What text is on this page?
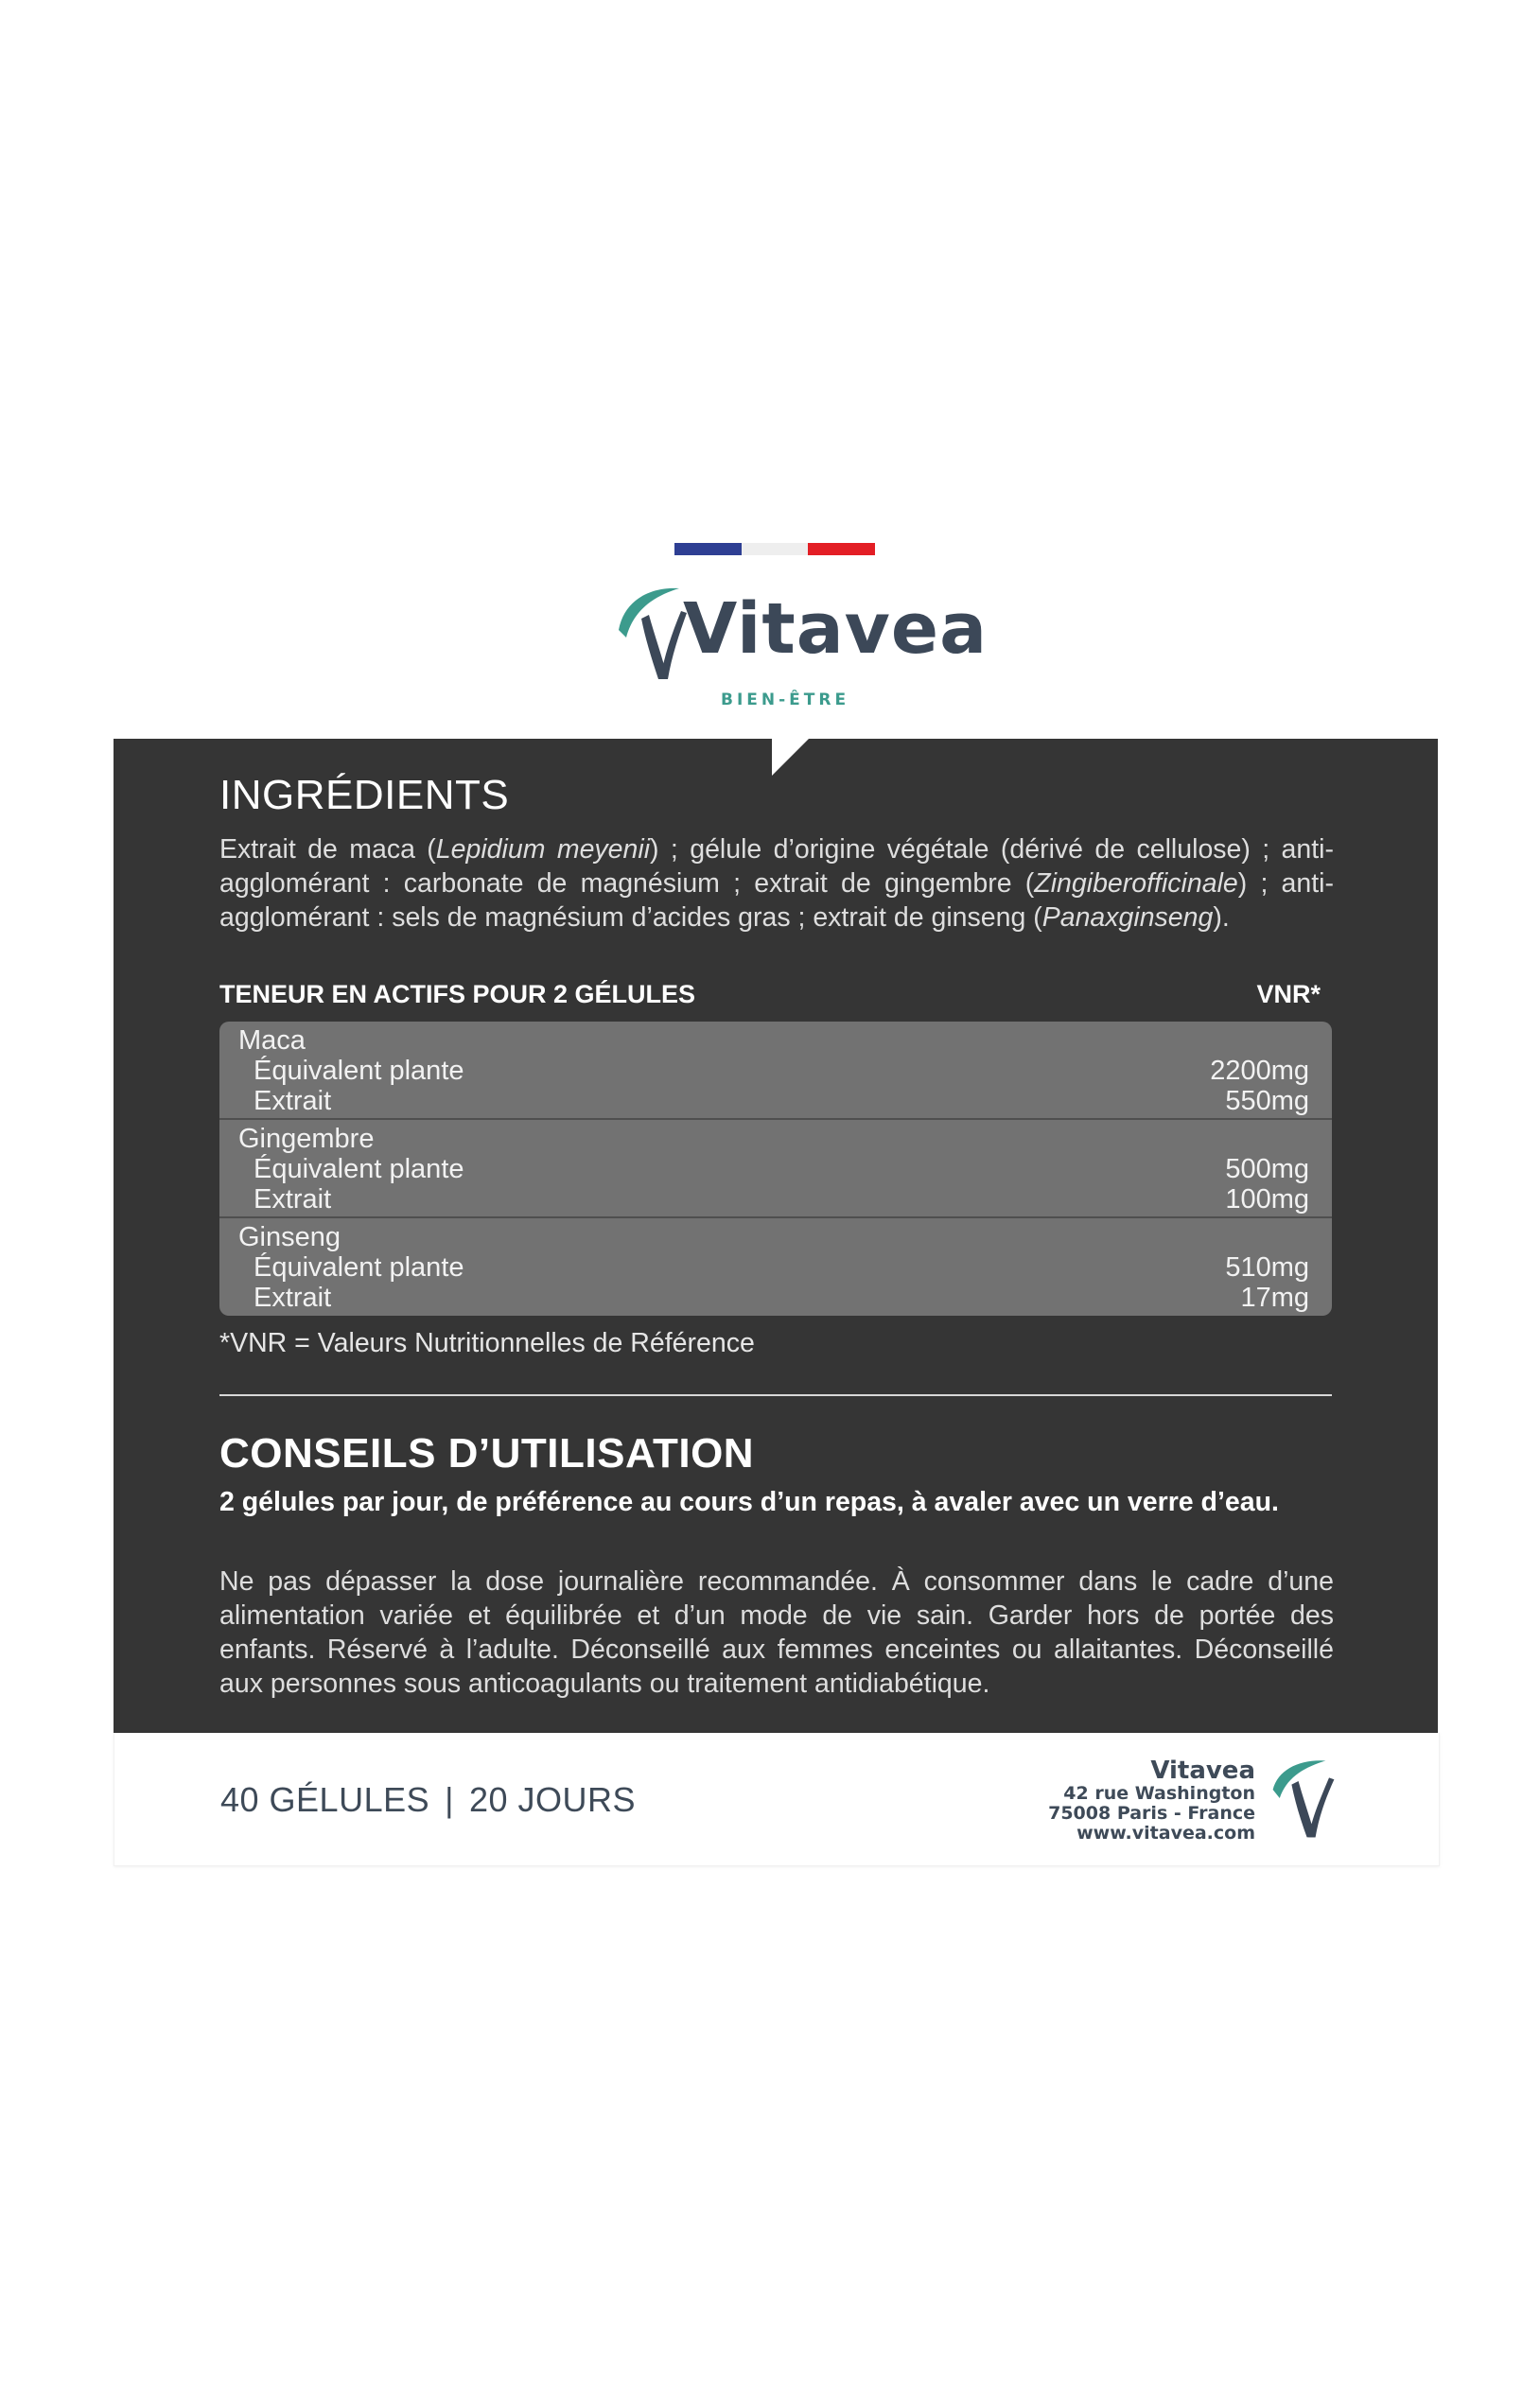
Vitavea
BIEN-ÊTRE
INGRÉDIENTS

Extrait de maca (Lepidium meyenii) ; gélule d’origine végétale (dérivé de cellulose) ; anti-agglomérant : carbonate de magnésium ; extrait de gingembre (Zingiberofficinale) ; anti-agglomérant : sels de magnésium d’acides gras ; extrait de ginseng (Panaxginseng).

TENEUR EN ACTIFS POUR 2 GÉLULES	VNR*
Maca
Équivalent plante	2200mg
Extrait	550mg
Gingembre
Équivalent plante	500mg
Extrait	100mg
Ginseng
Équivalent plante	510mg
Extrait	17mg
*VNR = Valeurs Nutritionnelles de Référence
CONSEILS D’UTILISATION

2 gélules par jour, de préférence au cours d’un repas, à avaler avec un verre d’eau.

Ne pas dépasser la dose journalière recommandée. À consommer dans le cadre d’une alimentation variée et équilibrée et d’un mode de vie sain. Garder hors de portée des enfants. Réservé à l’adulte. Déconseillé aux femmes enceintes ou allaitantes. Déconseillé aux personnes sous anticoagulants ou traitement antidiabétique.

40 GÉLULES | 20 JOURS
Vitavea
42 rue Washington
75008 Paris - France
www.vitavea.com
